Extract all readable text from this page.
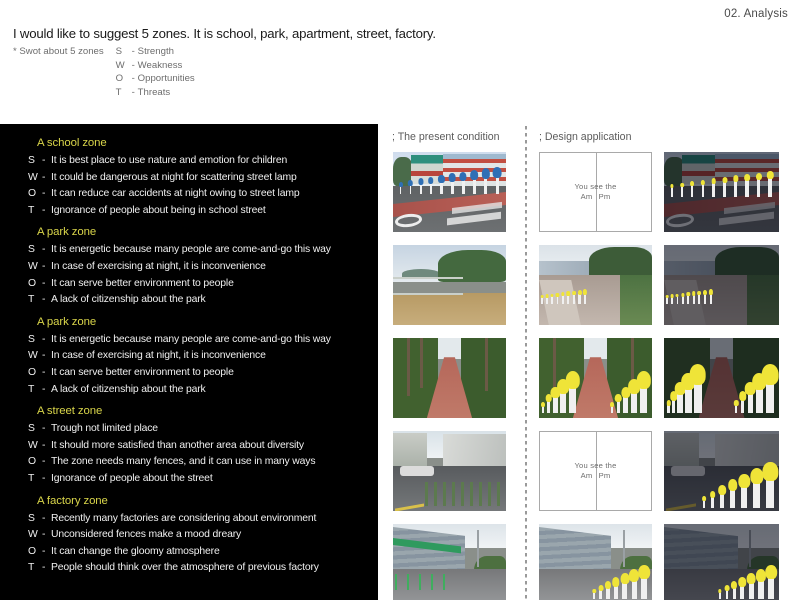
02. Analysis
I would like to suggest 5 zones. It is school, park, apartment, street, factory.
* Swot about 5 zones S - Strength
W - Weakness
O - Opportunities
T	- Threats
A school zone
S - It is best place to use nature and emotion for children
W - It could be dangerous at night for scattering street lamp
O - It can reduce car accidents at night owing to street lamp
T - Ignorance of people about being in school street
A park zone
S - It is energetic because many people are come-and-go this way
W - In case of exercising at night, it is inconvenience
O - It can serve better environment to people
T - A lack of citizenship about the park
A park zone
S - It is energetic because many people are come-and-go this way
W - In case of exercising at night, it is inconvenience
O - It can serve better environment to people
T - A lack of citizenship about the park
A street zone
S - Trough not limited place
W - It should more satisfied than another area about diversity
O - The zone needs many fences, and it can use in many ways
T - Ignorance of people about the street
A factory zone
S - Recently many factories are considering about environment
W - Unconsidered fences make a mood dreary
O - It can change the gloomy atmosphere
T - People should think over the atmosphere of previous factory
; The present condition	; Design application
You see the
Am Pm
You see the
Am Pm
